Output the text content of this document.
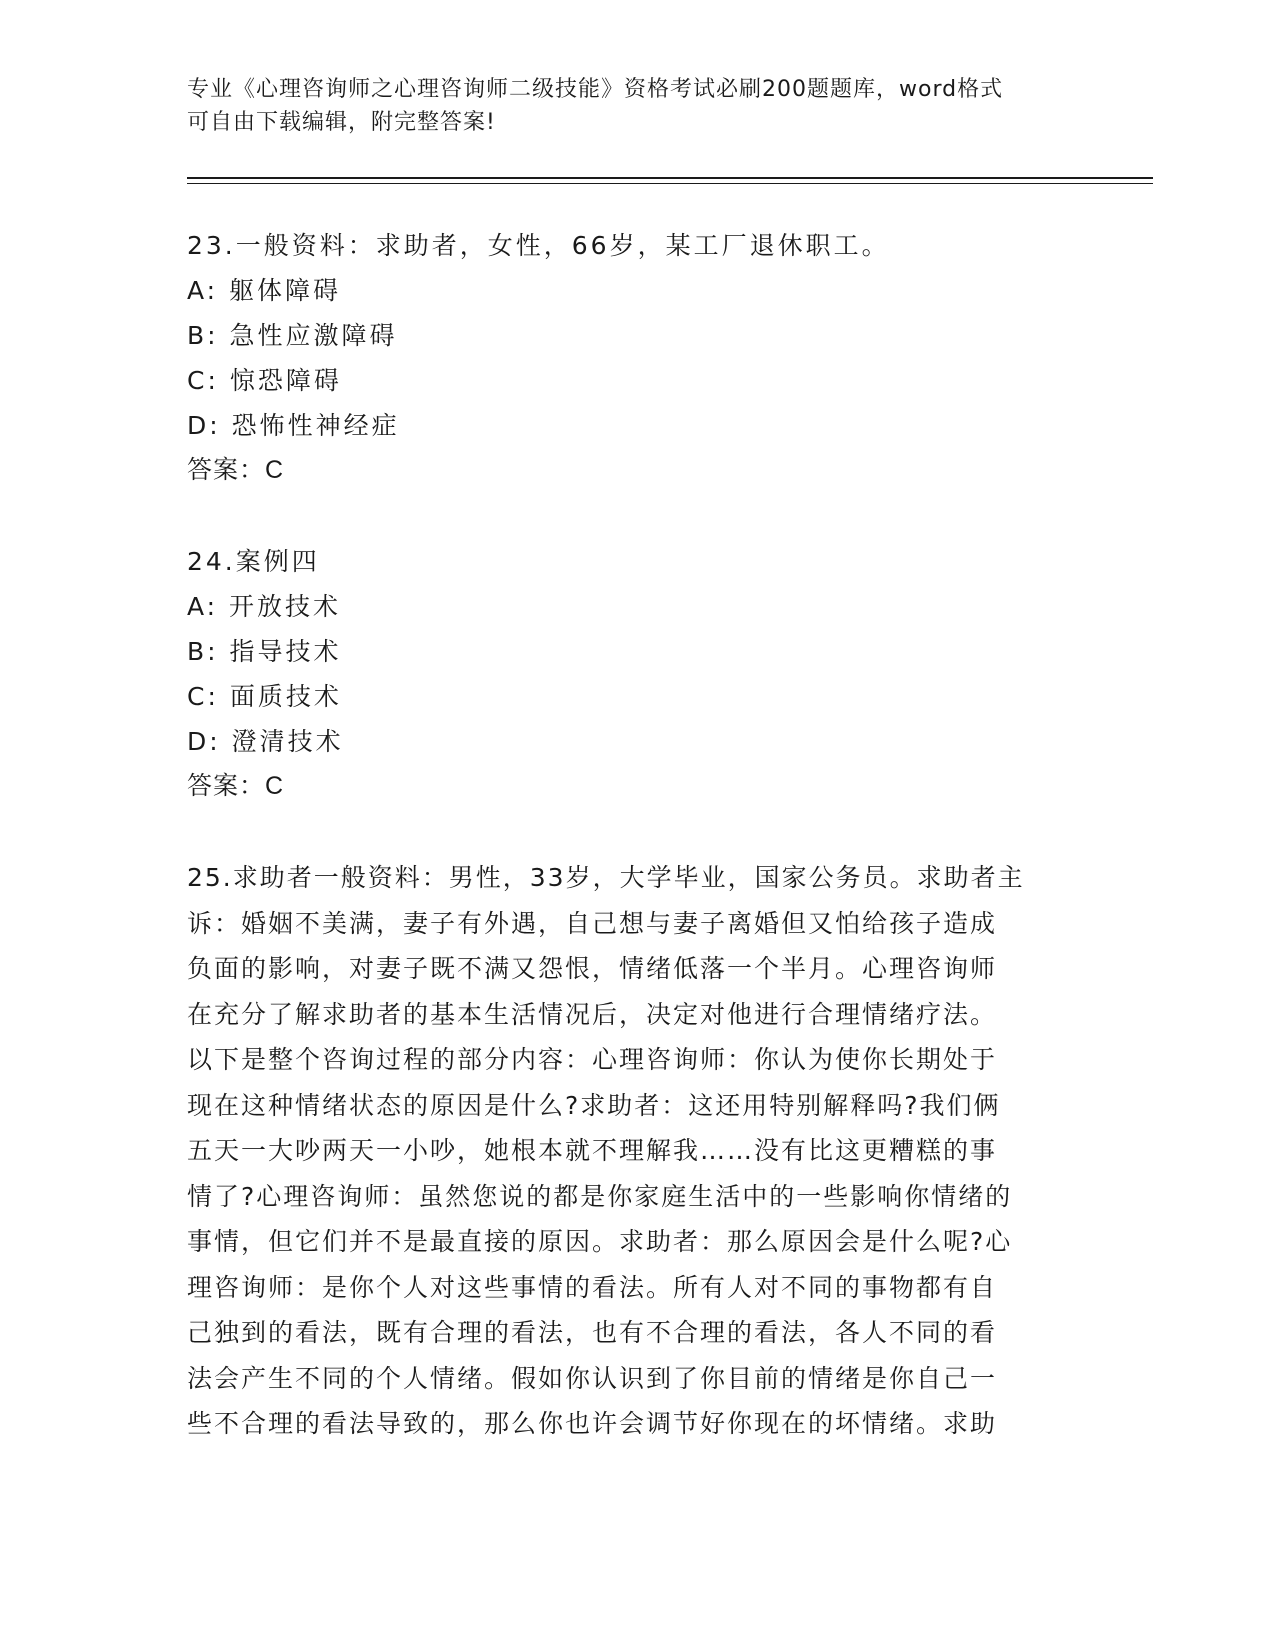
专业《心理咨询师之心理咨询师二级技能》资格考试必刷200题题库，word格式
可自由下载编辑，附完整答案!
23.一般资料：求助者，女性，66岁，某工厂退休职工。
A: 躯体障碍
B: 急性应激障碍
C: 惊恐障碍
D: 恐怖性神经症
答案：C
24.案例四
A: 开放技术
B: 指导技术
C: 面质技术
D: 澄清技术
答案：C
25.求助者一般资料：男性，33岁，大学毕业，国家公务员。求助者主
诉：婚姻不美满，妻子有外遇，自己想与妻子离婚但又怕给孩子造成
负面的影响，对妻子既不满又怨恨，情绪低落一个半月。心理咨询师
在充分了解求助者的基本生活情况后，决定对他进行合理情绪疗法。
以下是整个咨询过程的部分内容：心理咨询师：你认为使你长期处于
现在这种情绪状态的原因是什么?求助者：这还用特别解释吗?我们俩
五天一大吵两天一小吵，她根本就不理解我……没有比这更糟糕的事
情了?心理咨询师：虽然您说的都是你家庭生活中的一些影响你情绪的
事情，但它们并不是最直接的原因。求助者：那么原因会是什么呢?心
理咨询师：是你个人对这些事情的看法。所有人对不同的事物都有自
己独到的看法，既有合理的看法，也有不合理的看法，各人不同的看
法会产生不同的个人情绪。假如你认识到了你目前的情绪是你自己一
些不合理的看法导致的，那么你也许会调节好你现在的坏情绪。求助
